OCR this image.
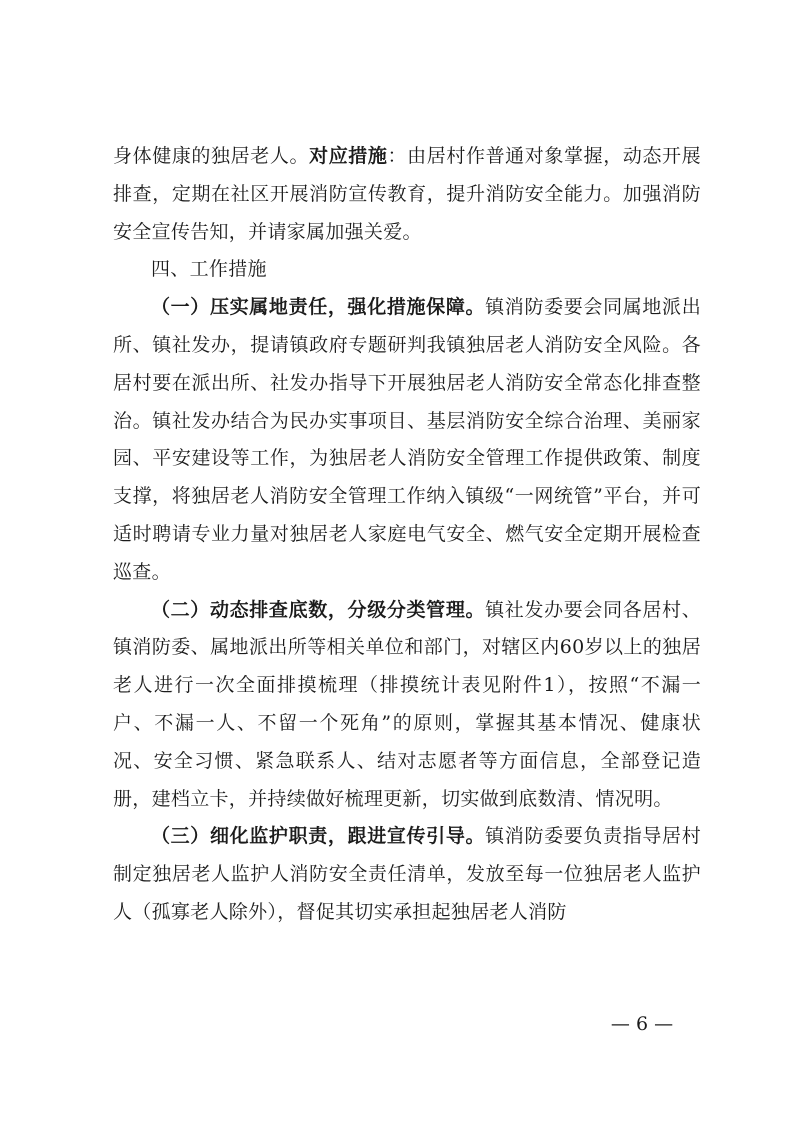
身体健康的独居老人。对应措施：由居村作普通对象掌握，动态开展排查，定期在社区开展消防宣传教育，提升消防安全能力。加强消防安全宣传告知，并请家属加强关爱。

四、工作措施

（一）压实属地责任，强化措施保障。镇消防委要会同属地派出所、镇社发办，提请镇政府专题研判我镇独居老人消防安全风险。各居村要在派出所、社发办指导下开展独居老人消防安全常态化排查整治。镇社发办结合为民办实事项目、基层消防安全综合治理、美丽家园、平安建设等工作，为独居老人消防安全管理工作提供政策、制度支撑，将独居老人消防安全管理工作纳入镇级“一网统管”平台，并可适时聘请专业力量对独居老人家庭电气安全、燃气安全定期开展检查巡查。

（二）动态排查底数，分级分类管理。镇社发办要会同各居村、镇消防委、属地派出所等相关单位和部门，对辖区内60岁以上的独居老人进行一次全面排摸梳理（排摸统计表见附件1），按照“不漏一户、不漏一人、不留一个死角”的原则，掌握其基本情况、健康状况、安全习惯、紧急联系人、结对志愿者等方面信息，全部登记造册，建档立卡，并持续做好梳理更新，切实做到底数清、情况明。

（三）细化监护职责，跟进宣传引导。镇消防委要负责指导居村制定独居老人监护人消防安全责任清单，发放至每一位独居老人监护人（孤寡老人除外），督促其切实承担起独居老人消防

— 6 —
